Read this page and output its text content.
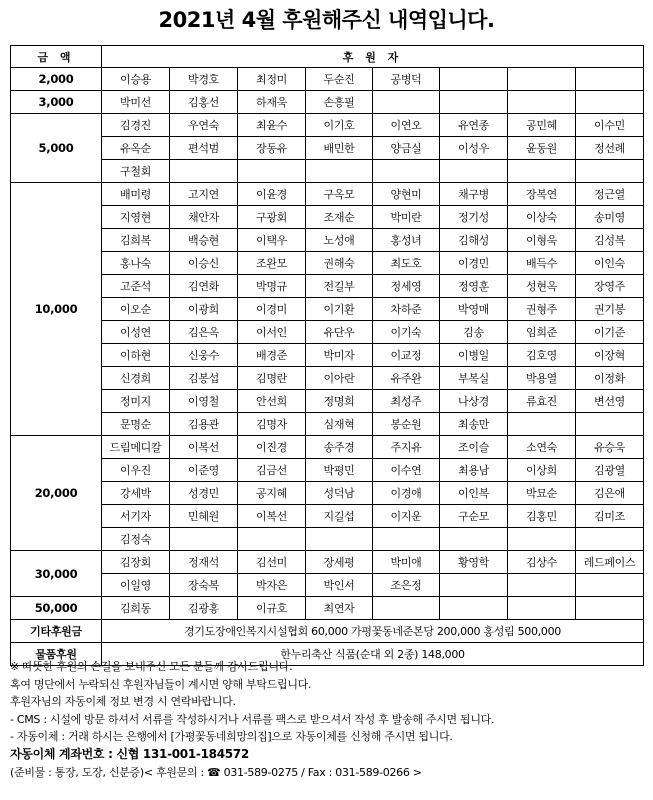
2021년 4월 후원해주신 내역입니다.
금 액	후 원 자							
2,000	이승용	박경호	최정미	두순진	공병덕			
3,000	박미선	김홍선	하재욱	손흥필				
5,000	김경진	우연숙	최윤수	이기호	이연오	유연종	공민혜	이수민
	유옥순	편석범	장동유	배민한	양금실	이성우	윤동원	정선례
	구철회							
10,000	배미령	고지연	이윤경	구옥모	양현미	채구병	장복연	정근열
	지영현	채안자	구광회	조재순	박미란	정기성	이상숙	송미영
	김희복	백승현	이택우	노성애	홍성녀	김해성	이형욱	김성복
	홍나숙	이승신	조완모	권해숙	최도호	이경민	배득수	이인숙
	고준석	김연화	박명규	전길부	정세영	정영훈	성현옥	장영주
	이오순	이광희	이경미	이기환	차하준	박영매	권형주	권기봉
	이성연	김은옥	이서인	유단우	이기숙	김송	임희준	이기준
	이하현	신웅수	배경준	박미자	이교정	이병일	김호영	이장혁
	신경희	김봉섭	김명란	이아란	유주완	부복실	박용열	이정화
	정미지	이영철	안선희	정명희	최성주	나상경	류효진	변선영
	문명순	김용관	김명자	심재혁	봉순원	최송만		
20,000	드림메디칼	이복선	이진경	송주경	주지유	조이슬	소연숙	유승욱
	이우진	이준영	김금선	박평민	이수연	최용남	이상희	김광열
	강세박	성경민	공지혜	성덕남	이경애	이인복	박묘순	김은애
	서기자	민혜원	이복선	지길섭	이지운	구순모	김홍민	김미조
	김정숙							
30,000	김장회	정재석	김선미	장세평	박미애	황영학	김상수	레드페이스
	이일영	장숙복	박자은	박인서	조은정			
50,000	김희동	김광홍	이규호	최연자				
기타후원금	경기도장애인복지시설협회 60,000 가평꽃동네준본당 200,000 홍성림 500,000							
물품후원	한누리축산 식품(순대 외 2종) 148,000							
※ 따뜻한 후원의 손길을 보내주신 모든 분들께 감사드립니다.
혹여 명단에서 누락되신 후원자님들이 계시면 양해 부탁드립니다.
후원자님의 자동이체 정보 변경 시 연락바랍니다.
- CMS : 시설에 방문 하셔서 서류를 작성하시거나 서류를 팩스로 받으셔서 작성 후 발송해 주시면 됩니다.
- 자동이체 : 거래 하시는 은행에서 [가평꽃동네희망의집]으로 자동이체를 신청해 주시면 됩니다.
자동이체 계좌번호 : 신협 131-001-184572
(준비물 : 통장, 도장, 신분증)< 후원문의 : ☎ 031-589-0275 / Fax : 031-589-0266 >
